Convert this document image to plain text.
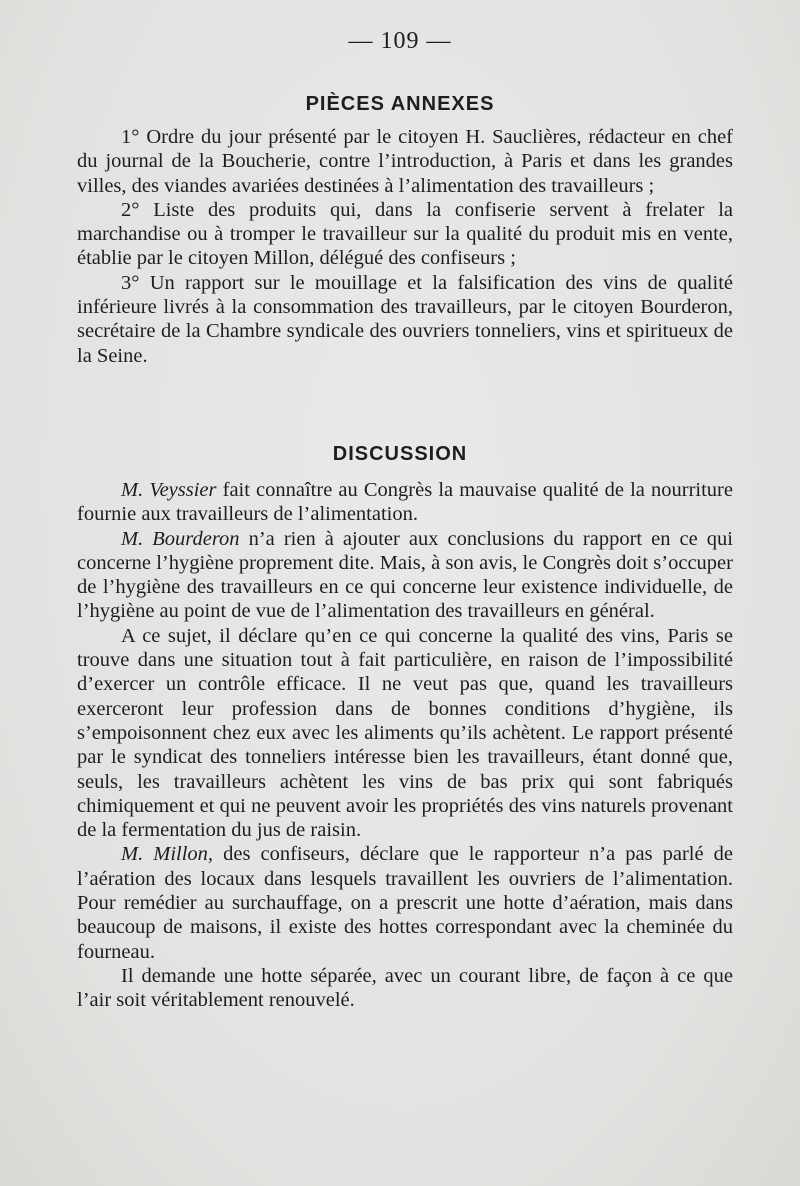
— 109 —
PIÈCES ANNEXES

1° Ordre du jour présenté par le citoyen H. Sauclières, rédacteur en chef du journal de la Boucherie, contre l’introduction, à Paris et dans les grandes villes, des viandes avariées destinées à l’alimentation des travailleurs ;

2° Liste des produits qui, dans la confiserie servent à frelater la marchandise ou à tromper le travailleur sur la qualité du produit mis en vente, établie par le citoyen Millon, délégué des confiseurs ;

3° Un rapport sur le mouillage et la falsification des vins de qualité inférieure livrés à la consommation des travailleurs, par le citoyen Bourderon, secrétaire de la Chambre syndicale des ouvriers tonneliers, vins et spiritueux de la Seine.

DISCUSSION

M. Veyssier fait connaître au Congrès la mauvaise qualité de la nourriture fournie aux travailleurs de l’alimentation.

M. Bourderon n’a rien à ajouter aux conclusions du rapport en ce qui concerne l’hygiène proprement dite. Mais, à son avis, le Congrès doit s’occuper de l’hygiène des travailleurs en ce qui concerne leur existence individuelle, de l’hygiène au point de vue de l’alimentation des travailleurs en général.

A ce sujet, il déclare qu’en ce qui concerne la qualité des vins, Paris se trouve dans une situation tout à fait particulière, en raison de l’impossibilité d’exercer un contrôle efficace. Il ne veut pas que, quand les travailleurs exerceront leur profession dans de bonnes conditions d’hygiène, ils s’empoisonnent chez eux avec les aliments qu’ils achètent. Le rapport présenté par le syndicat des tonneliers intéresse bien les travailleurs, étant donné que, seuls, les travailleurs achètent les vins de bas prix qui sont fabriqués chimiquement et qui ne peuvent avoir les propriétés des vins naturels provenant de la fermentation du jus de raisin.

M. Millon, des confiseurs, déclare que le rapporteur n’a pas parlé de l’aération des locaux dans lesquels travaillent les ouvriers de l’alimentation. Pour remédier au surchauffage, on a prescrit une hotte d’aération, mais dans beaucoup de maisons, il existe des hottes correspondant avec la cheminée du fourneau.

Il demande une hotte séparée, avec un courant libre, de façon à ce que l’air soit véritablement renouvelé.
